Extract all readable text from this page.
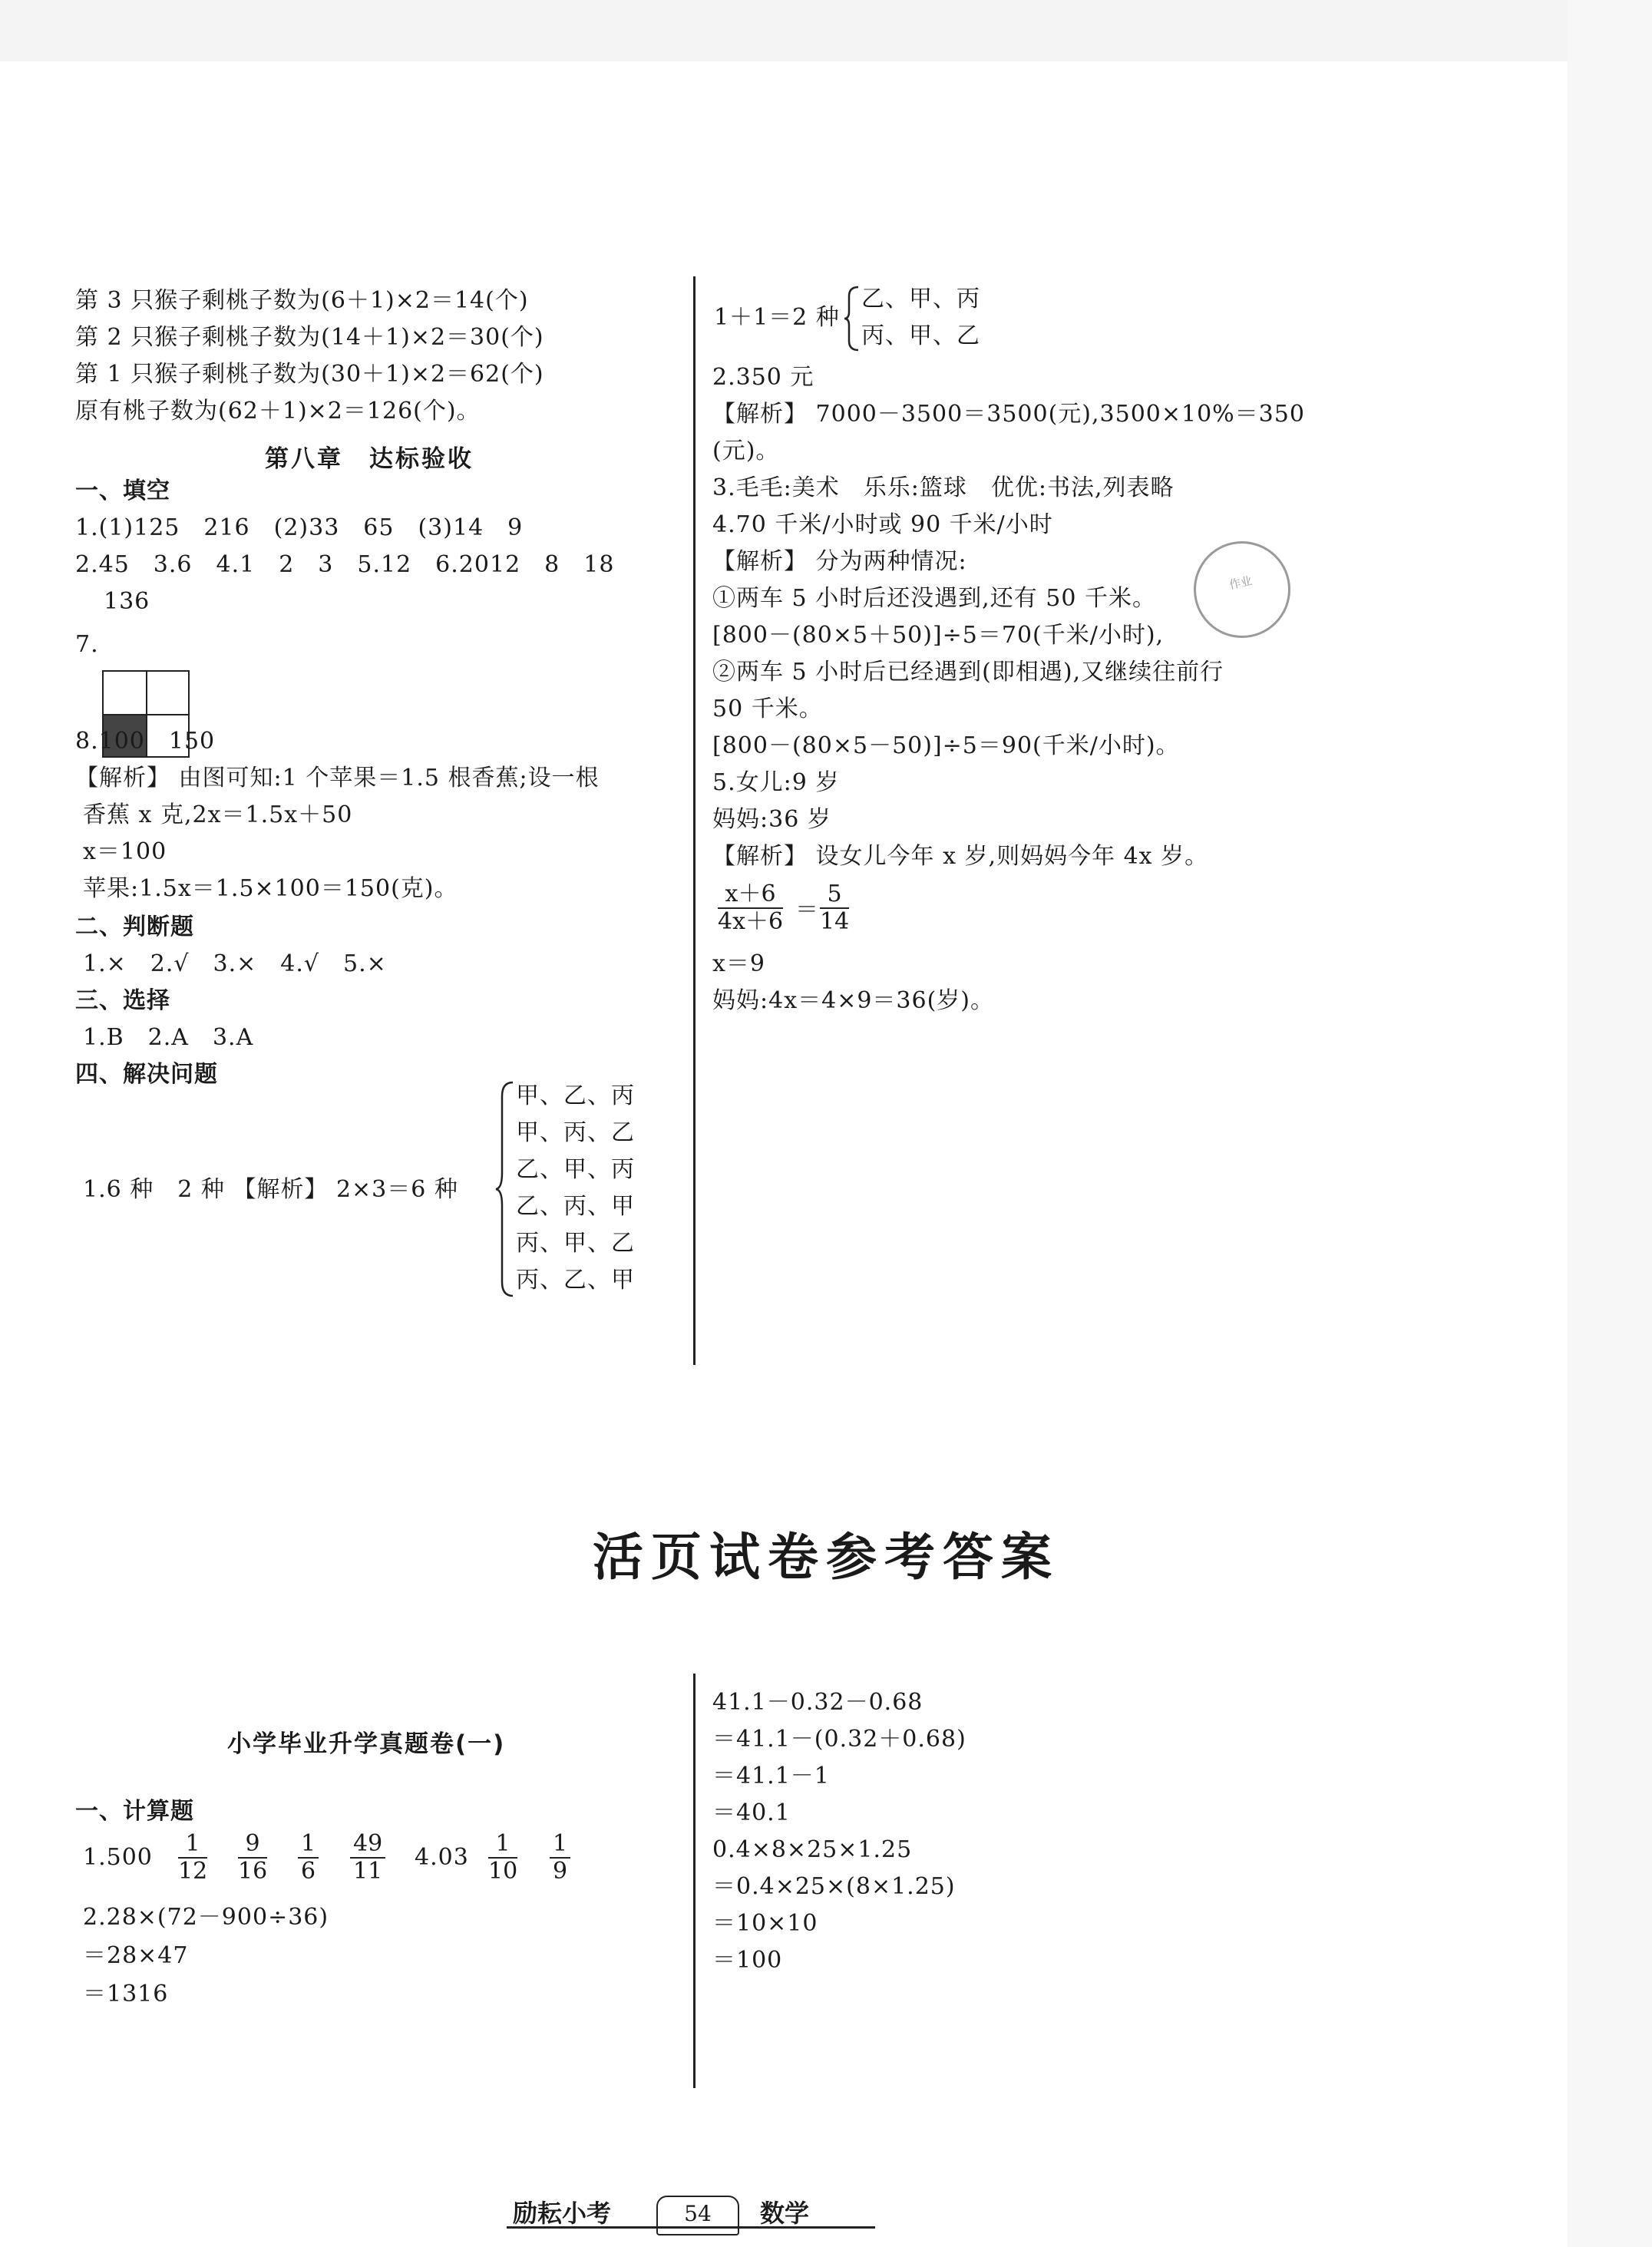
第 3 只猴子剩桃子数为(6＋1)×2＝14(个)
第 2 只猴子剩桃子数为(14＋1)×2＝30(个)
第 1 只猴子剩桃子数为(30＋1)×2＝62(个)
原有桃子数为(62＋1)×2＝126(个)。
第八章　达标验收
一、填空
1.(1)125　216　(2)33　65　(3)14　9
2.45　3.6　4.1　2　3　5.12　6.2012　8　18
136
7.
8.100　150
【解析】 由图可知:1 个苹果＝1.5 根香蕉;设一根
香蕉 x 克,2x＝1.5x＋50
x＝100
苹果:1.5x＝1.5×100＝150(克)。
二、判断题
1.×　2.√　3.×　4.√　5.×
三、选择
1.B　2.A　3.A
四、解决问题
1.6 种　2 种 【解析】 2×3＝6 种
甲、乙、丙
甲、丙、乙
乙、甲、丙
乙、丙、甲
丙、甲、乙
丙、乙、甲
1＋1＝2 种
乙、甲、丙
丙、甲、乙
2.350 元
【解析】 7000－3500＝3500(元),3500×10%＝350
(元)。
3.毛毛:美术　乐乐:篮球　优优:书法,列表略
4.70 千米/小时或 90 千米/小时
【解析】 分为两种情况:
①两车 5 小时后还没遇到,还有 50 千米。
[800－(80×5＋50)]÷5＝70(千米/小时),
②两车 5 小时后已经遇到(即相遇),又继续往前行
50 千米。
[800－(80×5－50)]÷5＝90(千米/小时)。
5.女儿:9 岁
妈妈:36 岁
【解析】 设女儿今年 x 岁,则妈妈今年 4x 岁。
$\frac{x+6}{4x+6} = \frac{5}{14}$
x＝9
妈妈:4x＝4×9＝36(岁)。
作业
活页试卷参考答案
小学毕业升学真题卷(一)
一、计算题
$1.500 \frac{1}{12} \frac{9}{16} \frac{1}{6} \frac{49}{11} 4.03 \frac{1}{10} \frac{1}{9}$
2.28×(72－900÷36)
＝28×47
＝1316
41.1－0.32－0.68
＝41.1－(0.32＋0.68)
＝41.1－1
＝40.1
0.4×8×25×1.25
＝0.4×25×(8×1.25)
＝10×10
＝100
励耘小考	54	数学
